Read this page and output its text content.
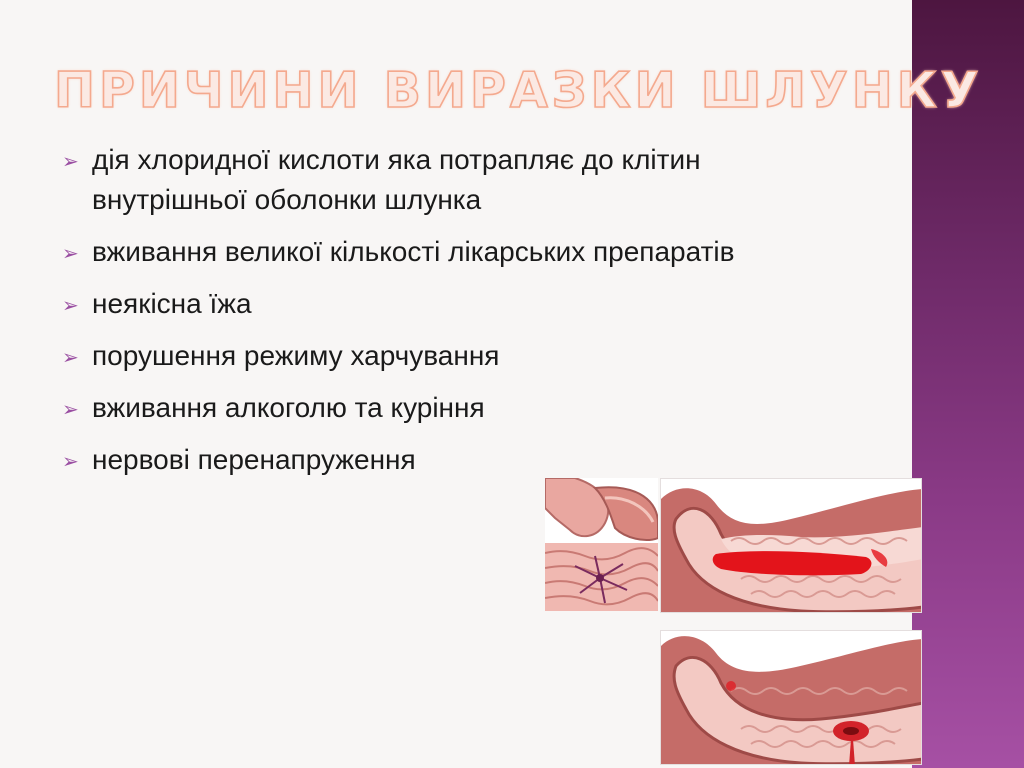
ПРИЧИНИ ВИРАЗКИ ШЛУНКУ
➢ дія хлоридної кислоти яка потрапляє до клітин внутрішньої оболонки шлунка
➢ вживання великої кількості лікарських препаратів
➢ неякісна їжа
➢ порушення режиму харчування
➢ вживання алкоголю та куріння
➢ нервові перенапруження
